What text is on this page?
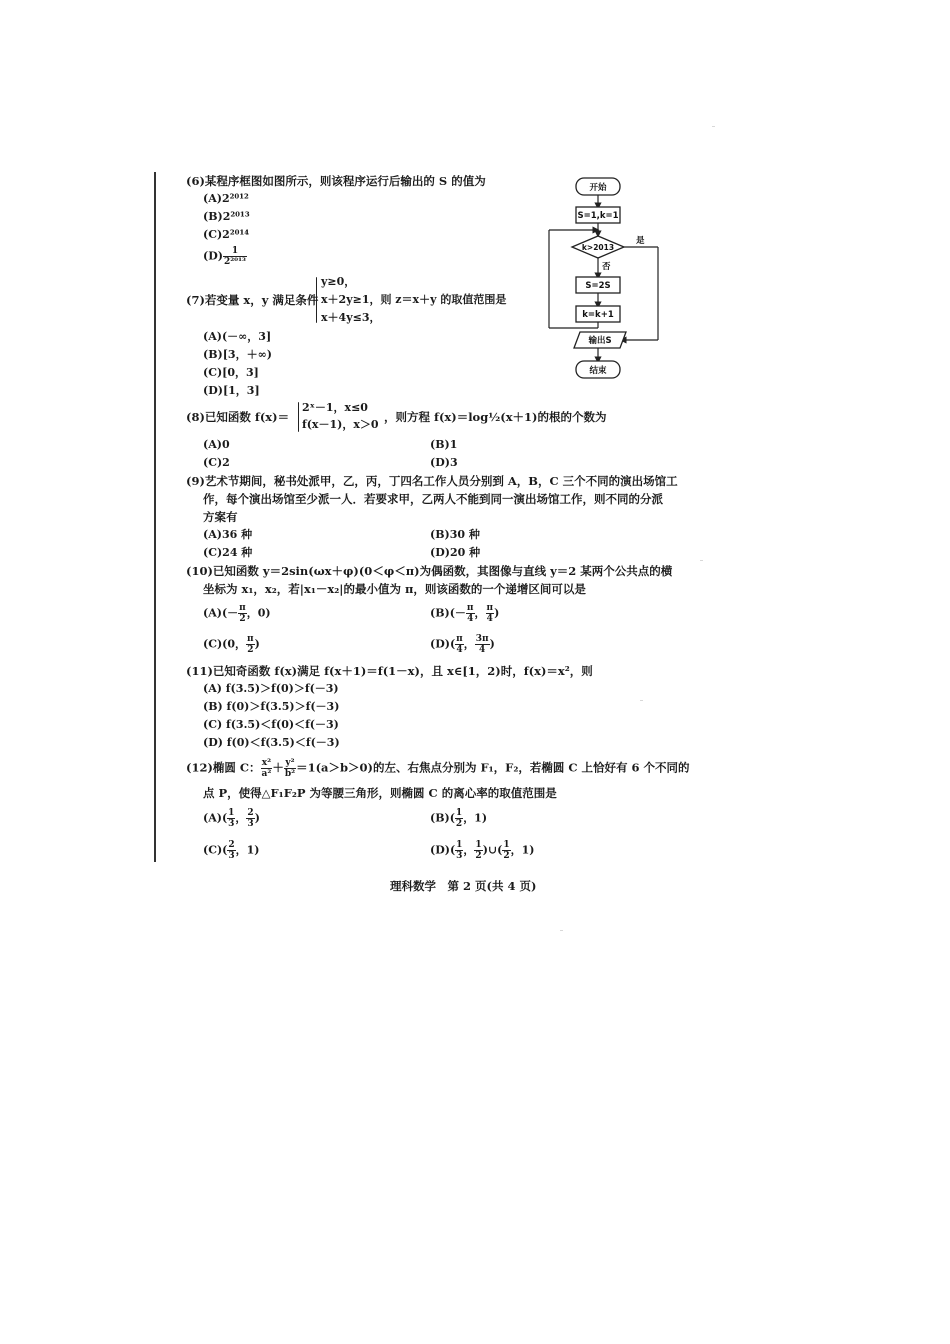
(6)某程序框图如图所示，则该程序运行后输出的 S 的值为
(A)2²⁰¹²
(B)2²⁰¹³
(C)2²⁰¹⁴
$(D) \frac{1}{\text{2²⁰¹³}}$
(7)若变量 x，y 满足条件
y≥0，
x＋2y≥1，则 z＝x＋y 的取值范围是
x＋4y≤3，
(A)(－∞，3]
(B)[3，＋∞)
(C)[0，3]
(D)[1，3]
(8)已知函数 f(x)＝
2ˣ－1，x≤0
f(x－1)，x＞0
，则方程 f(x)＝log½(x＋1)的根的个数为
(A)0	(B)1
(C)2	(D)3
(9)艺术节期间，秘书处派甲，乙，丙，丁四名工作人员分别到 A，B，C 三个不同的演出场馆工
作，每个演出场馆至少派一人．若要求甲，乙两人不能到同一演出场馆工作，则不同的分派
方案有
(A)36 种	(B)30 种
(C)24 种	(D)20 种
(10)已知函数 y＝2sin(ωx＋φ)(0＜φ＜π)为偶函数，其图像与直线 y＝2 某两个公共点的横
坐标为 x₁，x₂，若|x₁－x₂|的最小值为 π，则该函数的一个递增区间可以是
$(A)(- \frac{\pi}{2}$ ，0)	$(B)(- \frac{\pi}{4}$ ， $\frac{\pi}{4}$ )
(C)(0， $\frac{\pi}{2}$ )	$(D)( \frac{\pi}{4}$ ， $\frac{3\pi}{4}$ )
(11)已知奇函数 f(x)满足 f(x＋1)＝f(1－x)，且 x∈[1，2)时，f(x)＝x²，则
(A) f(3.5)＞f(0)＞f(－3)
(B) f(0)＞f(3.5)＞f(－3)
(C) f(3.5)＜f(0)＜f(－3)
(D) f(0)＜f(3.5)＜f(－3)
(12)椭圆 C： $\frac{\text{x²}}{\text{a²}} + \frac{\text{y²}}{\text{b²}} =1(a>b>0)$的左、右焦点分别为 F₁，F₂，若椭圆 C 上恰好有 6 个不同的
点 P，使得△F₁F₂P 为等腰三角形，则椭圆 C 的离心率的取值范围是
$(A)( \frac{1}{3}$ ， $\frac{2}{3}$ )	$(B)( \frac{1}{2}$ ，1)
$(C)( \frac{2}{3}$ ，1)	$(D)( \frac{1}{3}$ ， $\frac{1}{2}$ )∪( $\frac{1}{2}$ ，1)
理科数学　第 2 页(共 4 页)
开始
S=1,k=1
k>2013
是
否
S=2S
k=k+1
输出S
结束
